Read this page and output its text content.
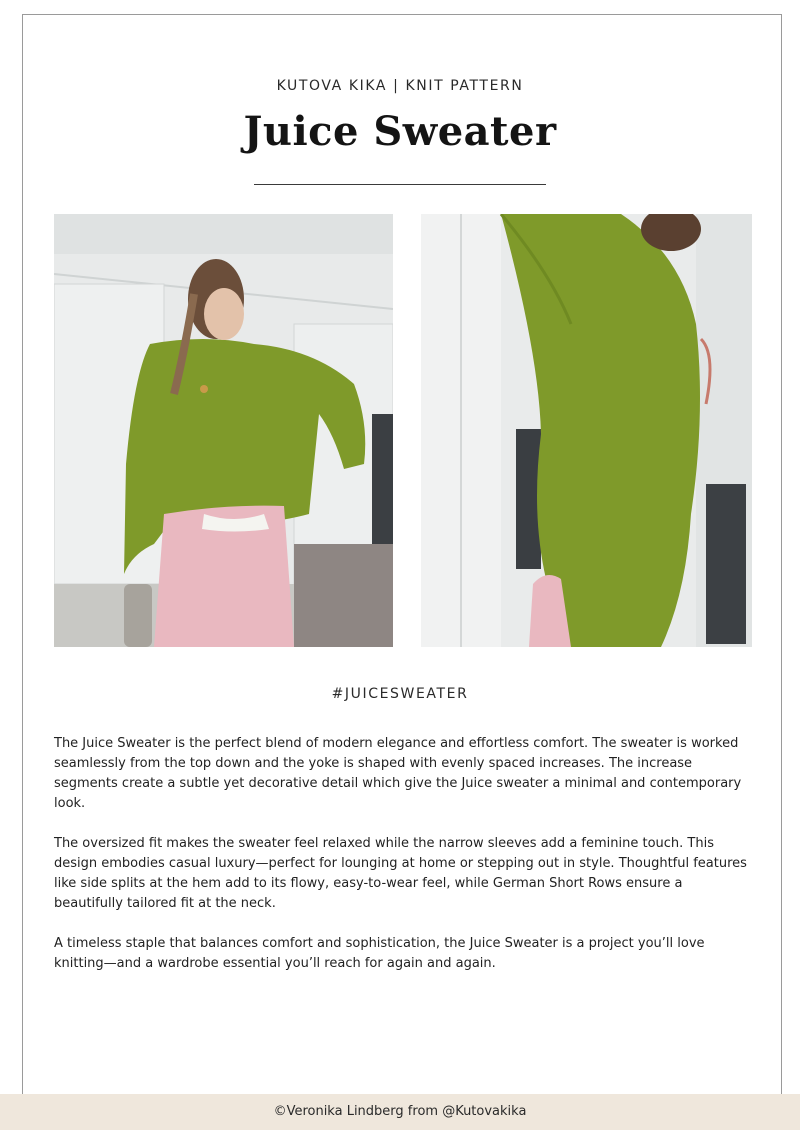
KUTOVA KIKA | KNIT PATTERN
Juice Sweater
#JUICESWEATER

The Juice Sweater is the perfect blend of modern elegance and effortless comfort. The sweater is worked seamlessly from the top down and the yoke is shaped with evenly spaced increases. The increase segments create a subtle yet decorative detail which give the Juice sweater a minimal and contemporary look.

The oversized fit makes the sweater feel relaxed while the narrow sleeves add a feminine touch. This design embodies casual luxury—perfect for lounging at home or stepping out in style. Thoughtful features like side splits at the hem add to its flowy, easy-to-wear feel, while German Short Rows ensure a beautifully tailored fit at the neck.

A timeless staple that balances comfort and sophistication, the Juice Sweater is a project you’ll love knitting—and a wardrobe essential you’ll reach for again and again.

©Veronika Lindberg from @Kutovakika
